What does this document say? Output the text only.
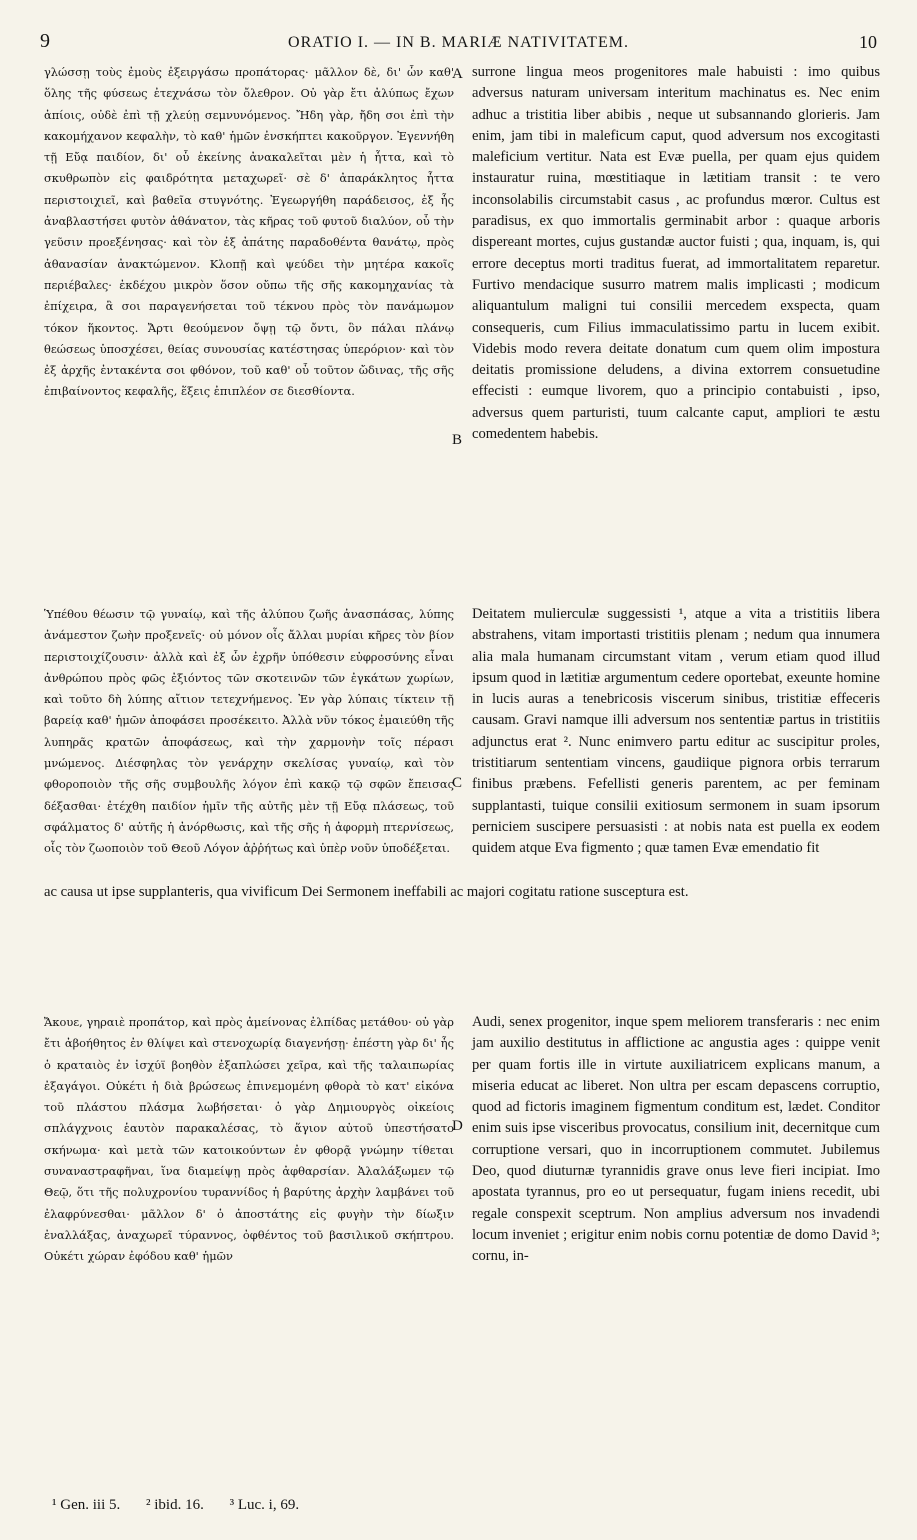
9	ORATIO I. — IN B. MARIÆ NATIVITATEM.	10
A
B
C
D

γλώσσῃ τοὺς ἐμοὺς ἐξειργάσω προπάτορας· μᾶλλον δὲ, δι' ὧν καθ' ὅλης τῆς φύσεως ἐτεχνάσω τὸν ὄλεθρον. Οὐ γὰρ ἔτι ἀλύπως ἔχων ἀπίοις, οὐδὲ ἐπὶ τῇ χλεύῃ σεμνυνόμενος. Ἤδη γὰρ, ἤδη σοι ἐπὶ τὴν κακομήχανον κεφαλὴν, τὸ καθ' ἡμῶν ἐνσκήπτει κακοῦργον. Ἐγεννήθη τῇ Εὔᾳ παιδίον, δι' οὗ ἐκείνης ἀνακαλεῖται μὲν ἡ ἧττα, καὶ τὸ σκυθρωπὸν εἰς φαιδρότητα μεταχωρεῖ· σὲ δ' ἀπαράκλητος ἧττα περιστοιχιεῖ, καὶ βαθεῖα στυγνότης. Ἐγεωργήθη παράδεισος, ἐξ ἧς ἀναβλαστήσει φυτὸν ἀθάνατον, τὰς κῆρας τοῦ φυτοῦ διαλύον, οὗ τὴν γεῦσιν προεξένησας· καὶ τὸν ἐξ ἀπάτης παραδοθέντα θανάτῳ, πρὸς ἀθανασίαν ἀνακτώμενον. Κλοπῇ καὶ ψεύδει τὴν μητέρα κακοῖς περιέβαλες· ἐκδέχου μικρὸν ὅσον οὔπω τῆς σῆς κακομηχανίας τὰ ἐπίχειρα, ἃ σοι παραγενήσεται τοῦ τέκνου πρὸς τὸν πανάμωμον τόκον ἥκοντος. Ἄρτι θεούμενον ὄψῃ τῷ ὄντι, ὃν πάλαι πλάνῳ θεώσεως ὑποσχέσει, θείας συνουσίας κατέστησας ὑπερόριον· καὶ τὸν ἐξ ἀρχῆς ἐντακέντα σοι φθόνον, τοῦ καθ' οὗ τοῦτον ὤδινας, τῆς σῆς ἐπιβαίνοντος κεφαλῆς, ἕξεις ἐπιπλέον σε διεσθίοντα.

surrone lingua meos progenitores male habuisti : imo quibus adversus naturam universam interitum machinatus es. Nec enim adhuc a tristitia liber abibis , neque ut subsannando glorieris. Jam enim, jam tibi in maleficum caput, quod adversum nos excogitasti maleficium vertitur. Nata est Evæ puella, per quam ejus quidem instauratur ruina, mœstitiaque in lætitiam transit : te vero inconsolabilis circumstabit casus , ac profundus mœror. Cultus est paradisus, ex quo immortalis germinabit arbor : quaque arboris dispereant mortes, cujus gustandæ auctor fuisti ; qua, inquam, is, qui errore deceptus morti traditus fuerat, ad immortalitatem reparetur. Furtivo mendacique susurro matrem malis implicasti ; modicum aliquantulum maligni tui consilii mercedem exspecta, quam consequeris, cum Filius immaculatissimo partu in lucem exibit. Videbis modo revera deitate donatum cum quem olim impostura deitatis promissione deludens, a divina extorrem consuetudine effecisti : eumque livorem, quo a principio contabuisti , ipso, adversus quem parturisti, tuum calcante caput, ampliori te æstu comedentem habebis.

Ὑπέθου θέωσιν τῷ γυναίῳ, καὶ τῆς ἀλύπου ζωῆς ἀνασπάσας, λύπης ἀνάμεστον ζωὴν προξενεῖς· οὐ μόνον οἷς ἄλλαι μυρίαι κῆρες τὸν βίον περιστοιχίζουσιν· ἀλλὰ καὶ ἐξ ὧν ἐχρῆν ὑπόθεσιν εὐφροσύνης εἶναι ἀνθρώπου πρὸς φῶς ἐξιόντος τῶν σκοτεινῶν τῶν ἐγκάτων χωρίων, καὶ τοῦτο δὴ λύπης αἴτιον τετεχνήμενος. Ἐν γὰρ λύπαις τίκτειν τῇ βαρείᾳ καθ' ἡμῶν ἀποφάσει προσέκειτο. Ἀλλὰ νῦν τόκος ἐμαιεύθη τῆς λυπηρᾶς κρατῶν ἀποφάσεως, καὶ τὴν χαρμονὴν τοῖς πέρασι μνώμενος. Διέσφηλας τὸν γενάρχην σκελίσας γυναίῳ, καὶ τὸν φθοροποιὸν τῆς σῆς συμβουλῆς λόγον ἐπὶ κακῷ τῷ σφῶν ἔπεισας δέξασθαι· ἐτέχθη παιδίον ἡμῖν τῆς αὐτῆς μὲν τῇ Εὔᾳ πλάσεως, τοῦ σφάλματος δ' αὐτῆς ἡ ἀνόρθωσις, καὶ τῆς σῆς ἡ ἀφορμὴ πτερνίσεως, οἷς τὸν ζωοποιὸν τοῦ Θεοῦ Λόγον ἀῤῥήτως καὶ ὑπὲρ νοῦν ὑποδέξεται.

Deitatem mulierculæ suggessisti ¹, atque a vita a tristitiis libera abstrahens, vitam importasti tristitiis plenam ; nedum qua innumera alia mala humanam circumstant vitam , verum etiam quod illud ipsum quod in lætitiæ argumentum cedere oportebat, exeunte homine in lucis auras a tenebricosis viscerum sinibus, tristitiæ effeceris causam. Gravi namque illi adversum nos sententiæ partus in tristitiis adjunctus erat ². Nunc enimvero partu editur ac suscipitur proles, tristitiarum sententiam vincens, gaudiique pignora orbis terrarum finibus præbens. Fefellisti generis parentem, ac per feminam supplantasti, tuique consilii exitiosum sermonem in suam ipsorum perniciem suscipere persuasisti : at nobis nata est puella ex eodem quidem atque Eva figmento ; quæ tamen Evæ emendatio fit

ac causa ut ipse supplanteris, qua vivificum Dei Sermonem ineffabili ac majori cogitatu ratione susceptura est.

Ἄκουε, γηραιὲ προπάτορ, καὶ πρὸς ἀμείνονας ἐλπίδας μετάθου· οὐ γὰρ ἔτι ἀβοήθητος ἐν θλίψει καὶ στενοχωρίᾳ διαγενήσῃ· ἐπέστη γὰρ δι' ἧς ὁ κραταιὸς ἐν ἰσχύϊ βοηθὸν ἐξαπλώσει χεῖρα, καὶ τῆς ταλαιπωρίας ἐξαγάγοι. Οὐκέτι ἡ διὰ βρώσεως ἐπινεμομένη φθορὰ τὸ κατ' εἰκόνα τοῦ πλάστου πλάσμα λωβήσεται· ὁ γὰρ Δημιουργὸς οἰκείοις σπλάγχνοις ἑαυτὸν παρακαλέσας, τὸ ἅγιον αὐτοῦ ὑπεστήσατο σκήνωμα· καὶ μετὰ τῶν κατοικούντων ἐν φθορᾷ γνώμην τίθεται συναναστραφῆναι, ἵνα διαμείψῃ πρὸς ἀφθαρσίαν. Ἀλαλάξωμεν τῷ Θεῷ, ὅτι τῆς πολυχρονίου τυραννίδος ἡ βαρύτης ἀρχὴν λαμβάνει τοῦ ἐλαφρύνεσθαι· μᾶλλον δ' ὁ ἀποστάτης εἰς φυγὴν τὴν δίωξιν ἐναλλάξας, ἀναχωρεῖ τύραννος, ὀφθέντος τοῦ βασιλικοῦ σκήπτρου. Οὐκέτι χώραν ἐφόδου καθ' ἡμῶν

Audi, senex progenitor, inque spem meliorem transferaris : nec enim jam auxilio destitutus in afflictione ac angustia ages : quippe venit per quam fortis ille in virtute auxiliatricem explicans manum, a miseria educat ac liberet. Non ultra per escam depascens corruptio, quod ad fictoris imaginem figmentum conditum est, lædet. Conditor enim suis ipse visceribus provocatus, consilium init, decernitque cum corruptione versari, quo in incorruptionem commutet. Jubilemus Deo, quod diuturnæ tyrannidis grave onus leve fieri incipiat. Imo apostata tyrannus, pro eo ut persequatur, fugam iniens recedit, ubi regale conspexit sceptrum. Non amplius adversum nos invadendi locum inveniet ; erigitur enim nobis cornu potentiæ de domo David ³; cornu, in-

¹ Gen. iii 5. ² ibid. 16. ³ Luc. i, 69.
